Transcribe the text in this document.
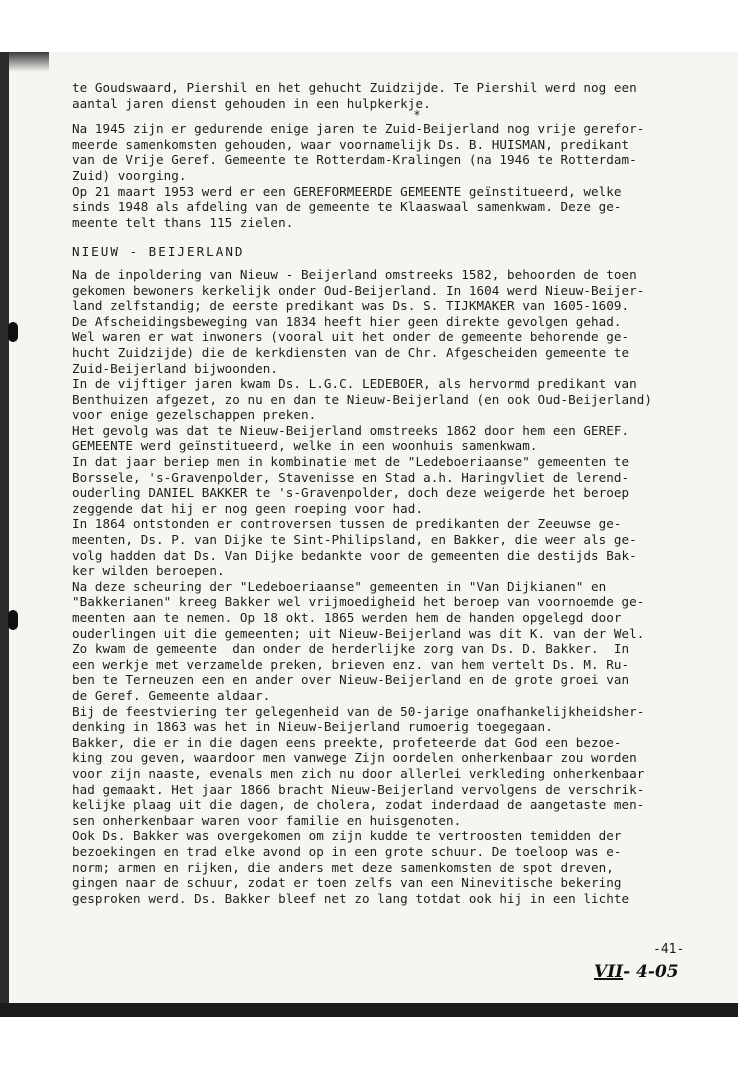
te Goudswaard, Piershil en het gehucht Zuidzijde. Te Piershil werd nog een
aantal jaren dienst gehouden in een hulpkerkje.
*
Na 1945 zijn er gedurende enige jaren te Zuid-Beijerland nog vrije gerefor-
meerde samenkomsten gehouden, waar voornamelijk Ds. B. HUISMAN, predikant
van de Vrije Geref. Gemeente te Rotterdam-Kralingen (na 1946 te Rotterdam-
Zuid) voorging.
Op 21 maart 1953 werd er een GEREFORMEERDE GEMEENTE geïnstitueerd, welke
sinds 1948 als afdeling van de gemeente te Klaaswaal samenkwam. Deze ge-
meente telt thans 115 zielen.
NIEUW - BEIJERLAND
Na de inpoldering van Nieuw - Beijerland omstreeks 1582, behoorden de toen
gekomen bewoners kerkelijk onder Oud-Beijerland. In 1604 werd Nieuw-Beijer-
land zelfstandig; de eerste predikant was Ds. S. TIJKMAKER van 1605-1609.
De Afscheidingsbeweging van 1834 heeft hier geen direkte gevolgen gehad.
Wel waren er wat inwoners (vooral uit het onder de gemeente behorende ge-
hucht Zuidzijde) die de kerkdiensten van de Chr. Afgescheiden gemeente te
Zuid-Beijerland bijwoonden.
In de vijftiger jaren kwam Ds. L.G.C. LEDEBOER, als hervormd predikant van
Benthuizen afgezet, zo nu en dan te Nieuw-Beijerland (en ook Oud-Beijerland)
voor enige gezelschappen preken.
Het gevolg was dat te Nieuw-Beijerland omstreeks 1862 door hem een GEREF.
GEMEENTE werd geïnstitueerd, welke in een woonhuis samenkwam.
In dat jaar beriep men in kombinatie met de "Ledeboeriaanse" gemeenten te
Borssele, 's-Gravenpolder, Stavenisse en Stad a.h. Haringvliet de lerend-
ouderling DANIEL BAKKER te 's-Gravenpolder, doch deze weigerde het beroep
zeggende dat hij er nog geen roeping voor had.
In 1864 ontstonden er controversen tussen de predikanten der Zeeuwse ge-
meenten, Ds. P. van Dijke te Sint-Philipsland, en Bakker, die weer als ge-
volg hadden dat Ds. Van Dijke bedankte voor de gemeenten die destijds Bak-
ker wilden beroepen.
Na deze scheuring der "Ledeboeriaanse" gemeenten in "Van Dijkianen" en
"Bakkerianen" kreeg Bakker wel vrijmoedigheid het beroep van voornoemde ge-
meenten aan te nemen. Op 18 okt. 1865 werden hem de handen opgelegd door
ouderlingen uit die gemeenten; uit Nieuw-Beijerland was dit K. van der Wel.
Zo kwam de gemeente  dan onder de herderlijke zorg van Ds. D. Bakker.  In
een werkje met verzamelde preken, brieven enz. van hem vertelt Ds. M. Ru-
ben te Terneuzen een en ander over Nieuw-Beijerland en de grote groei van
de Geref. Gemeente aldaar.
Bij de feestviering ter gelegenheid van de 50-jarige onafhankelijkheidsher-
denking in 1863 was het in Nieuw-Beijerland rumoerig toegegaan.
Bakker, die er in die dagen eens preekte, profeteerde dat God een bezoe-
king zou geven, waardoor men vanwege Zijn oordelen onherkenbaar zou worden
voor zijn naaste, evenals men zich nu door allerlei verkleding onherkenbaar
had gemaakt. Het jaar 1866 bracht Nieuw-Beijerland vervolgens de verschrik-
kelijke plaag uit die dagen, de cholera, zodat inderdaad de aangetaste men-
sen onherkenbaar waren voor familie en huisgenoten.
Ook Ds. Bakker was overgekomen om zijn kudde te vertroosten temidden der
bezoekingen en trad elke avond op in een grote schuur. De toeloop was e-
norm; armen en rijken, die anders met deze samenkomsten de spot dreven,
gingen naar de schuur, zodat er toen zelfs van een Ninevitische bekering
gesproken werd. Ds. Bakker bleef net zo lang totdat ook hij in een lichte
-41-
VII- 4-05
